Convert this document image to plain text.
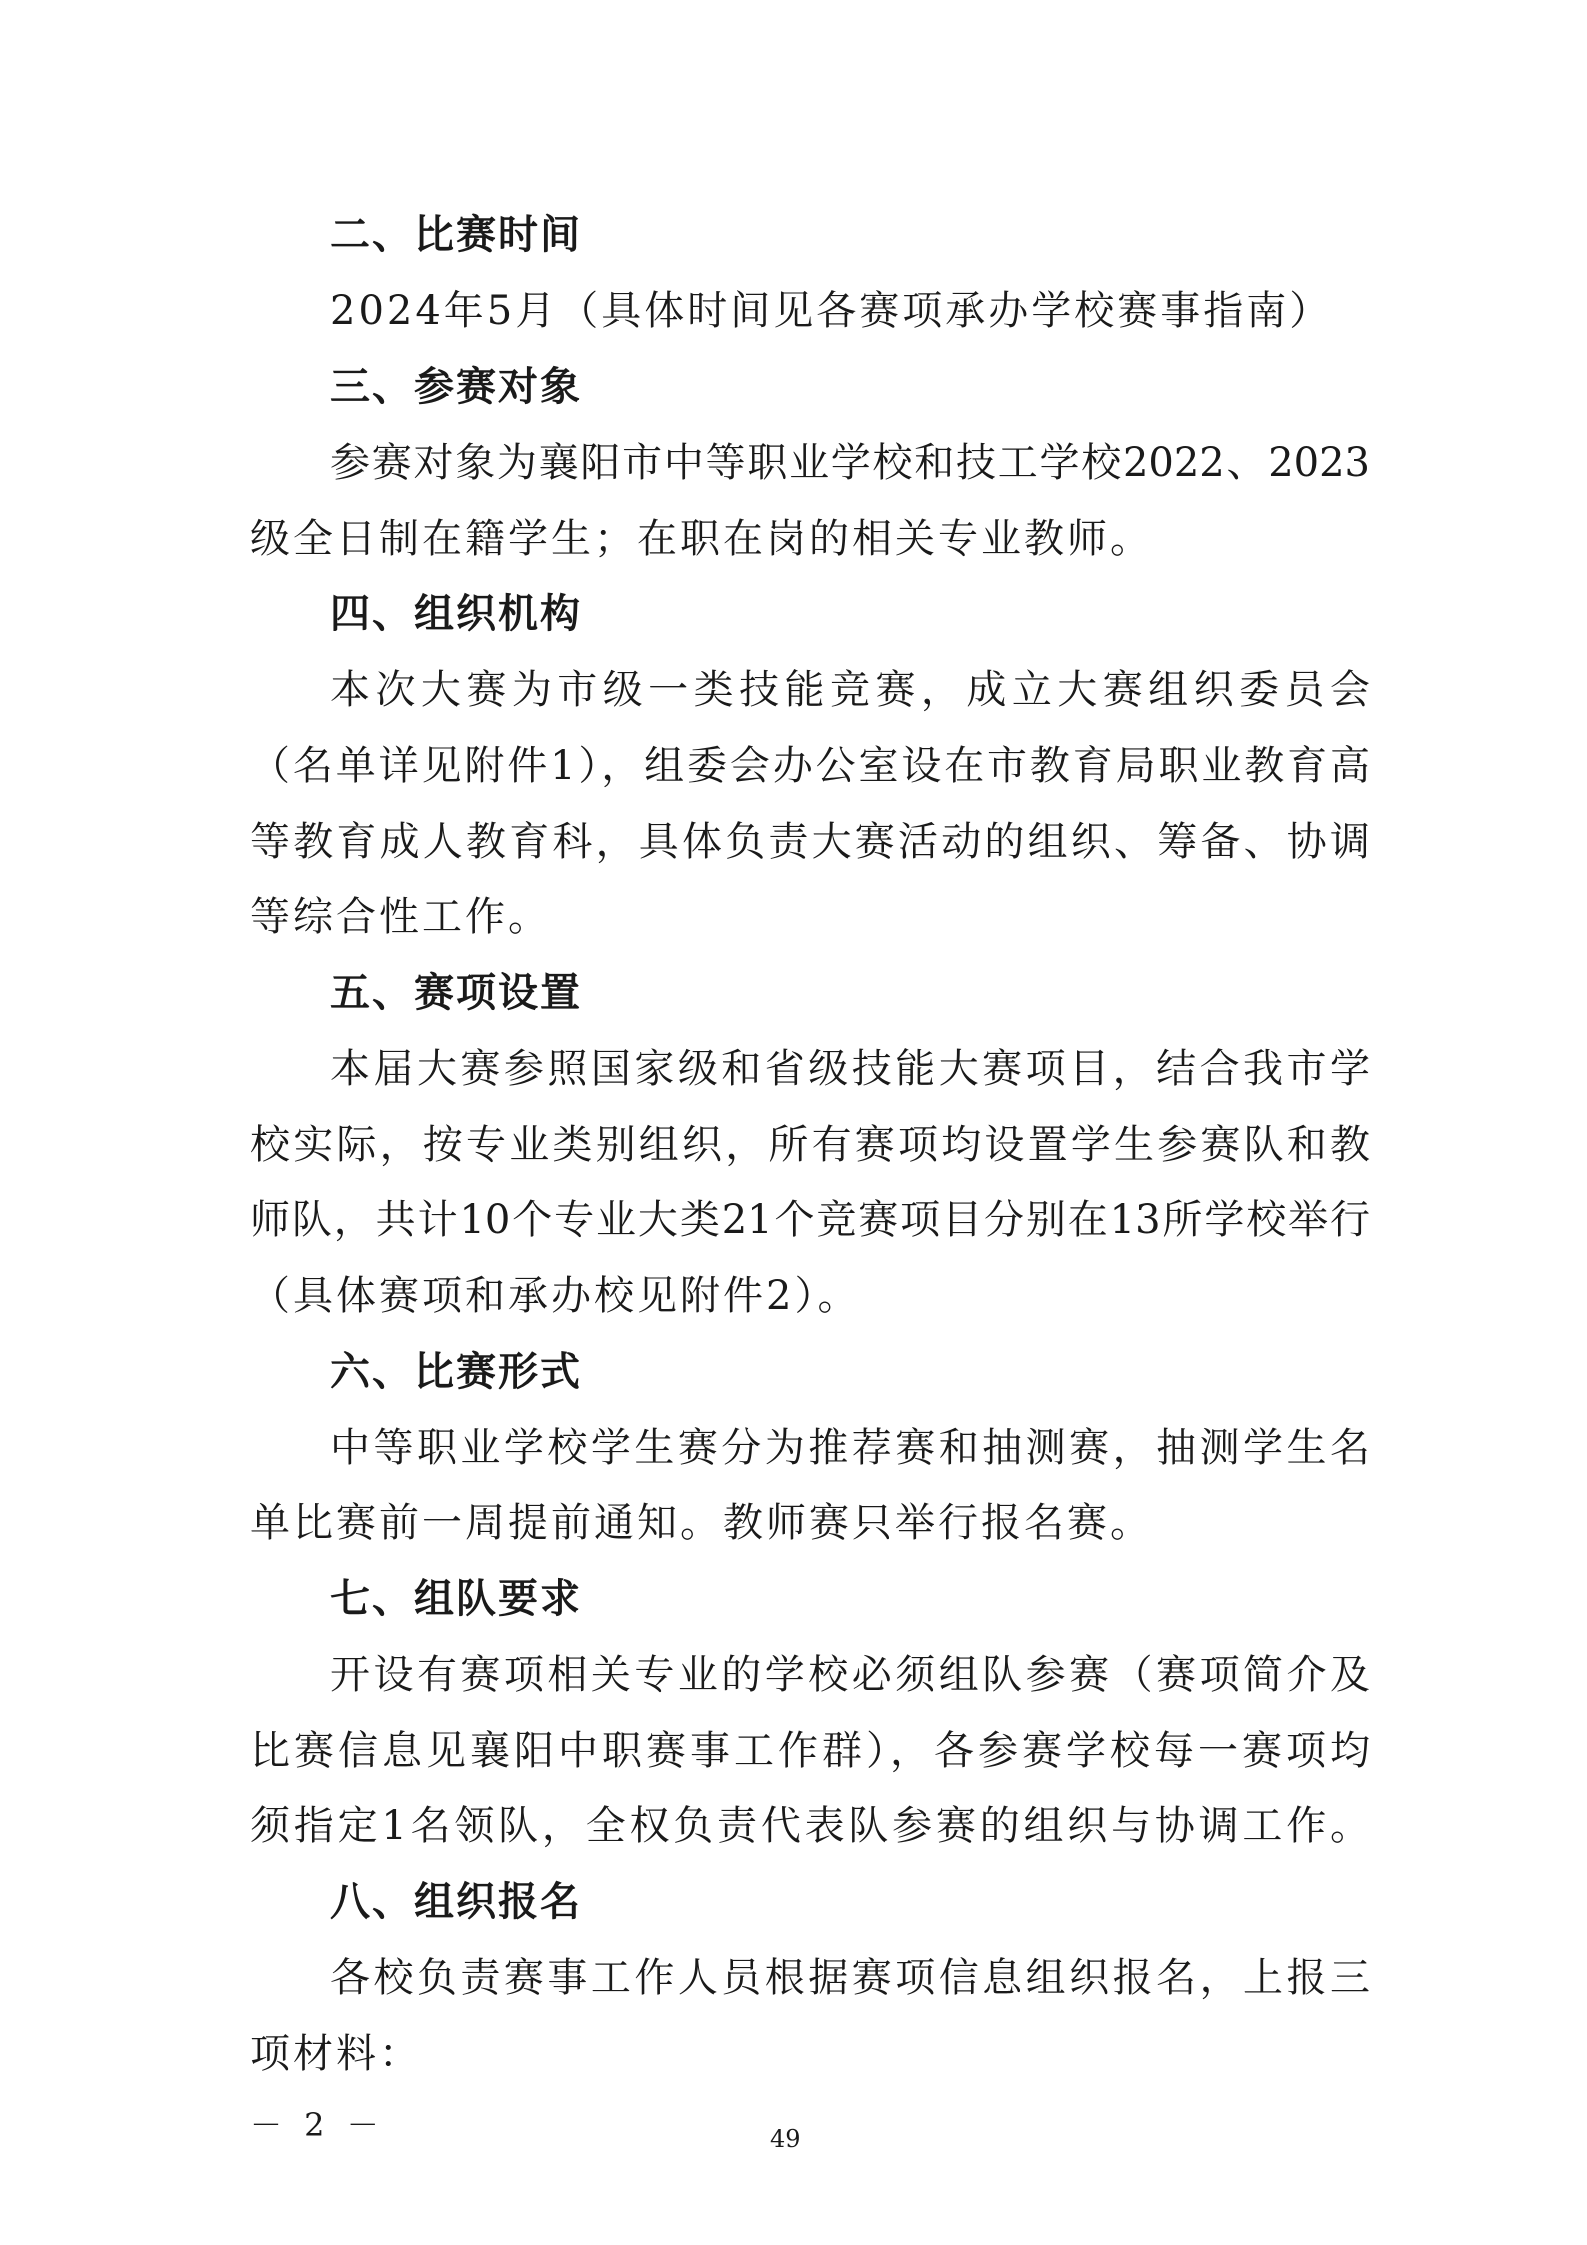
二、比赛时间
2024年5月（具体时间见各赛项承办学校赛事指南）
三、参赛对象
参赛对象为襄阳市中等职业学校和技工学校2022、2023
级全日制在籍学生；在职在岗的相关专业教师。
四、组织机构
本次大赛为市级一类技能竞赛，成立大赛组织委员会
（名单详见附件1），组委会办公室设在市教育局职业教育高
等教育成人教育科，具体负责大赛活动的组织、筹备、协调
等综合性工作。
五、赛项设置
本届大赛参照国家级和省级技能大赛项目，结合我市学
校实际，按专业类别组织，所有赛项均设置学生参赛队和教
师队，共计10个专业大类21个竞赛项目分别在13所学校举行
（具体赛项和承办校见附件2）。
六、比赛形式
中等职业学校学生赛分为推荐赛和抽测赛，抽测学生名
单比赛前一周提前通知。教师赛只举行报名赛。
七、组队要求
开设有赛项相关专业的学校必须组队参赛（赛项简介及
比赛信息见襄阳中职赛事工作群），各参赛学校每一赛项均
须指定1名领队，全权负责代表队参赛的组织与协调工作。
八、组织报名
各校负责赛事工作人员根据赛项信息组织报名，上报三
项材料：
－ 2 －	49
